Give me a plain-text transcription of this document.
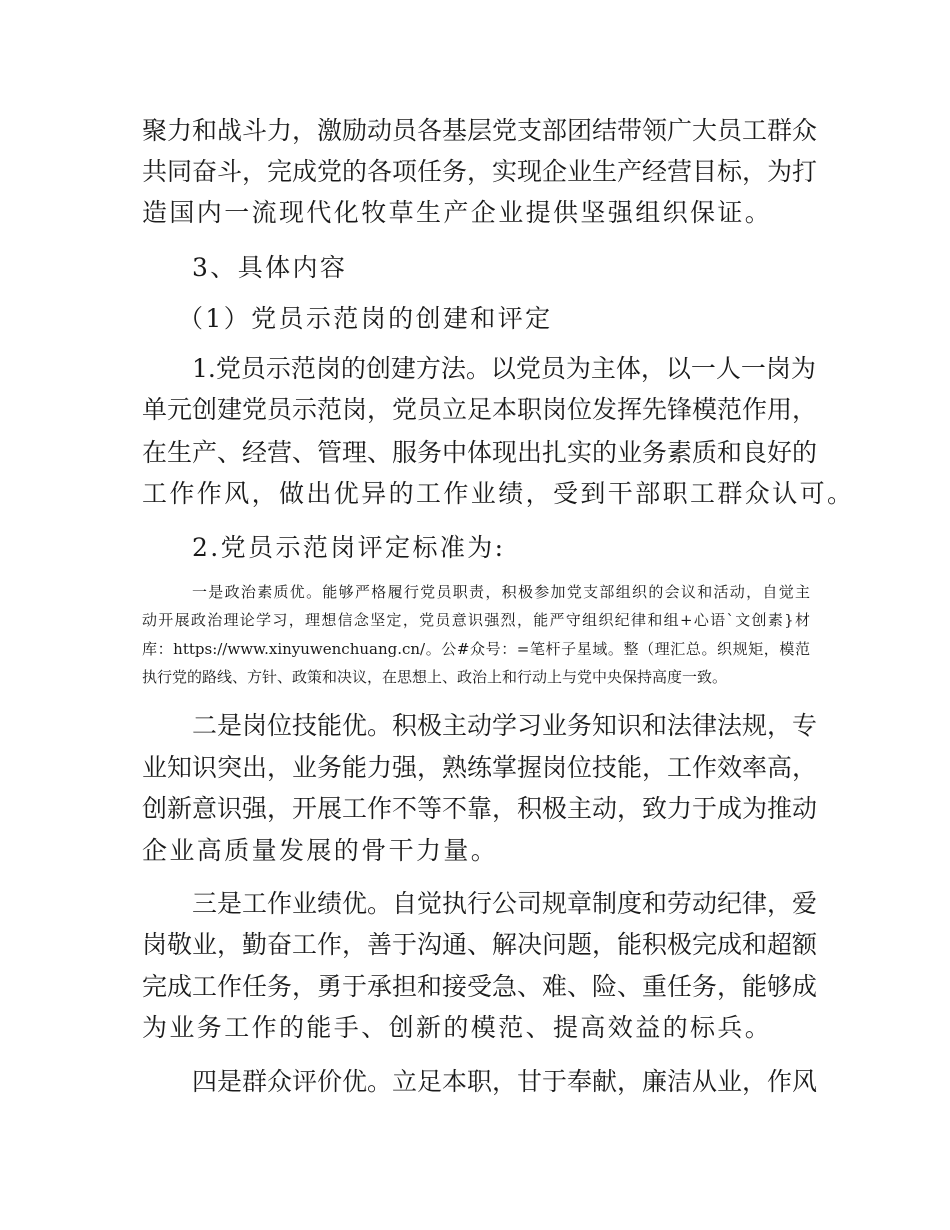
聚力和战斗力，激励动员各基层党支部团结带领广大员工群众

共同奋斗，完成党的各项任务，实现企业生产经营目标，为打

造国内一流现代化牧草生产企业提供坚强组织保证。

3、具体内容

（1）党员示范岗的创建和评定

1.党员示范岗的创建方法。以党员为主体，以一人一岗为

单元创建党员示范岗，党员立足本职岗位发挥先锋模范作用，

在生产、经营、管理、服务中体现出扎实的业务素质和良好的

工作作风，做出优异的工作业绩，受到干部职工群众认可。

2.党员示范岗评定标准为:

一是政治素质优。能够严格履行党员职责，积极参加党支部组织的会议和活动，自觉主

动开展政治理论学习，理想信念坚定，党员意识强烈，能严守组织纪律和组+心语`文创素}材

库：https://www.xinyuwenchuang.cn/。公#众号：=笔杆子星域。整（理汇总。织规矩，模范

执行党的路线、方针、政策和决议，在思想上、政治上和行动上与党中央保持高度一致。

二是岗位技能优。积极主动学习业务知识和法律法规，专

业知识突出，业务能力强，熟练掌握岗位技能，工作效率高，

创新意识强，开展工作不等不靠，积极主动，致力于成为推动

企业高质量发展的骨干力量。

三是工作业绩优。自觉执行公司规章制度和劳动纪律，爱

岗敬业，勤奋工作，善于沟通、解决问题，能积极完成和超额

完成工作任务，勇于承担和接受急、难、险、重任务，能够成

为业务工作的能手、创新的模范、提高效益的标兵。

四是群众评价优。立足本职，甘于奉献，廉洁从业，作风
